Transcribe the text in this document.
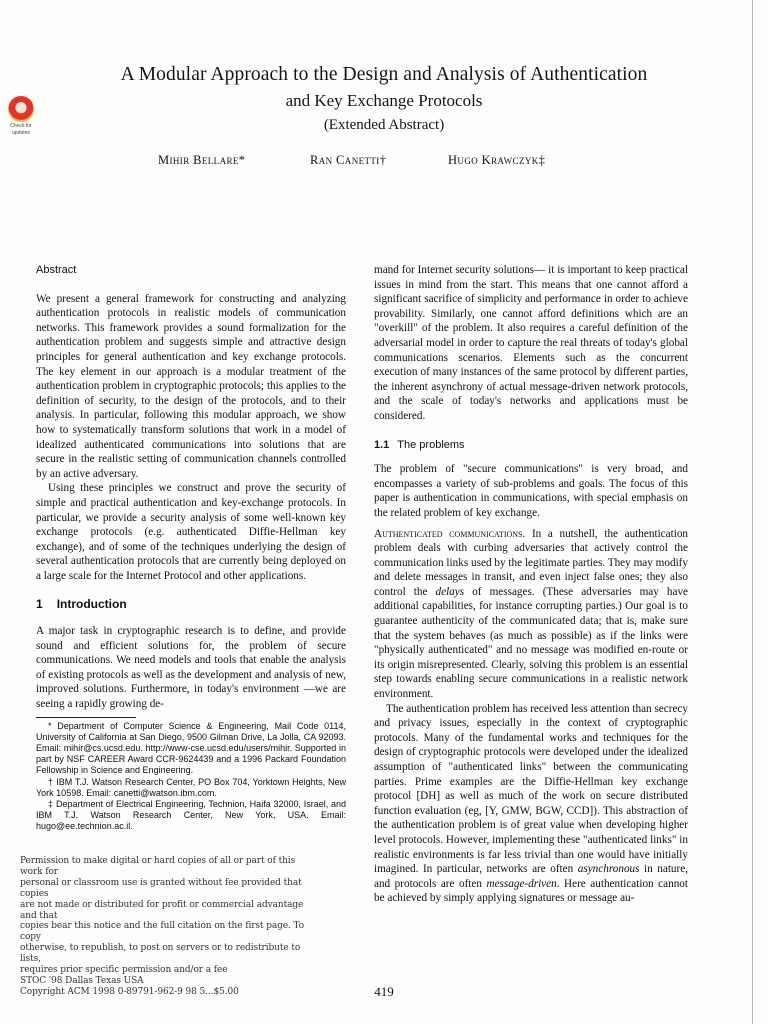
Check for
updates
A Modular Approach to the Design and Analysis of Authentication
and Key Exchange Protocols
(Extended Abstract)
Mihir Bellare*	Ran Canetti†	Hugo Krawczyk‡
Abstract

We present a general framework for constructing and analyzing authentication protocols in realistic models of communication networks. This framework provides a sound formalization for the authentication problem and suggests simple and attractive design principles for general authentication and key exchange protocols. The key element in our approach is a modular treatment of the authentication problem in cryptographic protocols; this applies to the definition of security, to the design of the protocols, and to their analysis. In particular, following this modular approach, we show how to systematically transform solutions that work in a model of idealized authenticated communications into solutions that are secure in the realistic setting of communication channels controlled by an active adversary.

Using these principles we construct and prove the security of simple and practical authentication and key-exchange protocols. In particular, we provide a security analysis of some well-known key exchange protocols (e.g. authenticated Diffie-Hellman key exchange), and of some of the techniques underlying the design of several authentication protocols that are currently being deployed on a large scale for the Internet Protocol and other applications.

1 Introduction

A major task in cryptographic research is to define, and provide sound and efficient solutions for, the problem of secure communications. We need models and tools that enable the analysis of existing protocols as well as the development and analysis of new, improved solutions. Furthermore, in today's environment —we are seeing a rapidly growing de-

* Department of Computer Science & Engineering, Mail Code 0114, University of California at San Diego, 9500 Gilman Drive, La Jolla, CA 92093. Email: mihir@cs.ucsd.edu. http://www-cse.ucsd.edu/users/mihir. Supported in part by NSF CAREER Award CCR-9624439 and a 1996 Packard Foundation Fellowship in Science and Engineering.

† IBM T.J. Watson Research Center, PO Box 704, Yorktown Heights, New York 10598. Email: canetti@watson.ibm.com.

‡ Department of Electrical Engineering, Technion, Haifa 32000, Israel, and IBM T.J. Watson Research Center, New York, USA. Email: hugo@ee.technion.ac.il.

Permission to make digital or hard copies of all or part of this work for
personal or classroom use is granted without fee provided that copies
are not made or distributed for profit or commercial advantage and that
copies bear this notice and the full citation on the first page. To copy
otherwise, to republish, to post on servers or to redistribute to lists,
requires prior specific permission and/or a fee
STOC '98 Dallas Texas USA
Copyright ACM 1998 0-89791-962-9 98 5...$5.00

mand for Internet security solutions— it is important to keep practical issues in mind from the start. This means that one cannot afford a significant sacrifice of simplicity and performance in order to achieve provability. Similarly, one cannot afford definitions which are an "overkill" of the problem. It also requires a careful definition of the adversarial model in order to capture the real threats of today's global communications scenarios. Elements such as the concurrent execution of many instances of the same protocol by different parties, the inherent asynchrony of actual message-driven network protocols, and the scale of today's networks and applications must be considered.

1.1 The problems

The problem of "secure communications" is very broad, and encompasses a variety of sub-problems and goals. The focus of this paper is authentication in communications, with special emphasis on the related problem of key exchange.

Authenticated communications. In a nutshell, the authentication problem deals with curbing adversaries that actively control the communication links used by the legitimate parties. They may modify and delete messages in transit, and even inject false ones; they also control the delays of messages. (These adversaries may have additional capabilities, for instance corrupting parties.) Our goal is to guarantee authenticity of the communicated data; that is, make sure that the system behaves (as much as possible) as if the links were "physically authenticated" and no message was modified en-route or its origin misrepresented. Clearly, solving this problem is an essential step towards enabling secure communications in a realistic network environment.

The authentication problem has received less attention than secrecy and privacy issues, especially in the context of cryptographic protocols. Many of the fundamental works and techniques for the design of cryptographic protocols were developed under the idealized assumption of "authenticated links" between the communicating parties. Prime examples are the Diffie-Hellman key exchange protocol [DH] as well as much of the work on secure distributed function evaluation (eg, [Y, GMW, BGW, CCD]). This abstraction of the authentication problem is of great value when developing higher level protocols. However, implementing these "authenticated links" in realistic environments is far less trivial than one would have initially imagined. In particular, networks are often asynchronous in nature, and protocols are often message-driven. Here authentication cannot be achieved by simply applying signatures or message au-

419
